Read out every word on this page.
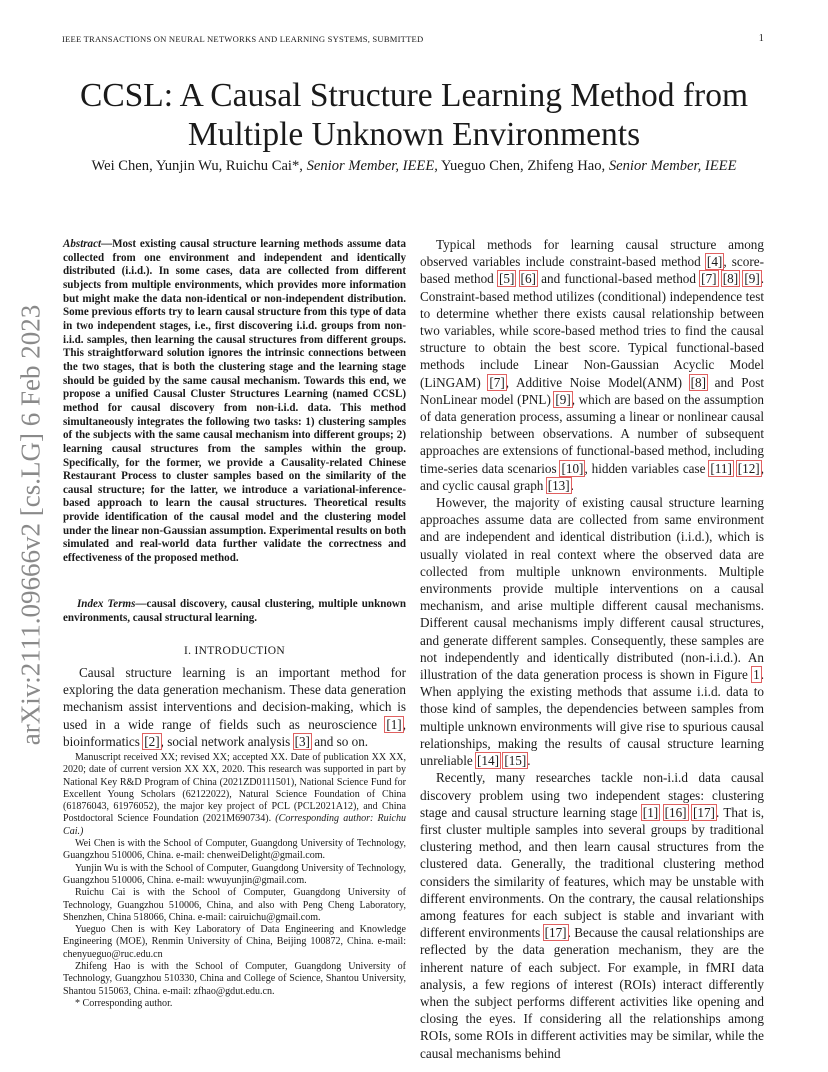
IEEE TRANSACTIONS ON NEURAL NETWORKS AND LEARNING SYSTEMS, SUBMITTED	1
arXiv:2111.09666v2 [cs.LG] 6 Feb 2023
CCSL: A Causal Structure Learning Method from Multiple Unknown Environments
Wei Chen, Yunjin Wu, Ruichu Cai*, Senior Member, IEEE, Yueguo Chen, Zhifeng Hao, Senior Member, IEEE
Abstract—Most existing causal structure learning methods assume data collected from one environment and independent and identically distributed (i.i.d.). In some cases, data are collected from different subjects from multiple environments, which provides more information but might make the data non-identical or non-independent distribution. Some previous efforts try to learn causal structure from this type of data in two independent stages, i.e., first discovering i.i.d. groups from non-i.i.d. samples, then learning the causal structures from different groups. This straightforward solution ignores the intrinsic connections between the two stages, that is both the clustering stage and the learning stage should be guided by the same causal mechanism. Towards this end, we propose a unified Causal Cluster Structures Learning (named CCSL) method for causal discovery from non-i.i.d. data. This method simultaneously integrates the following two tasks: 1) clustering samples of the subjects with the same causal mechanism into different groups; 2) learning causal structures from the samples within the group. Specifically, for the former, we provide a Causality-related Chinese Restaurant Process to cluster samples based on the similarity of the causal structure; for the latter, we introduce a variational-inference-based approach to learn the causal structures. Theoretical results provide identification of the causal model and the clustering model under the linear non-Gaussian assumption. Experimental results on both simulated and real-world data further validate the correctness and effectiveness of the proposed method.
Index Terms—causal discovery, causal clustering, multiple unknown environments, causal structural learning.
I. INTRODUCTION

Causal structure learning is an important method for exploring the data generation mechanism. These data generation mechanism assist interventions and decision-making, which is used in a wide range of fields such as neuroscience [1], bioinformatics [2], social network analysis [3] and so on.

Manuscript received XX; revised XX; accepted XX. Date of publication XX XX, 2020; date of current version XX XX, 2020. This research was supported in part by National Key R&D Program of China (2021ZD0111501), National Science Fund for Excellent Young Scholars (62122022), Natural Science Foundation of China (61876043, 61976052), the major key project of PCL (PCL2021A12), and China Postdoctoral Science Foundation (2021M690734). (Corresponding author: Ruichu Cai.)

Wei Chen is with the School of Computer, Guangdong University of Technology, Guangzhou 510006, China. e-mail: chenweiDelight@gmail.com.

Yunjin Wu is with the School of Computer, Guangdong University of Technology, Guangzhou 510006, China. e-mail: wwuyunjin@gmail.com.

Ruichu Cai is with the School of Computer, Guangdong University of Technology, Guangzhou 510006, China, and also with Peng Cheng Laboratory, Shenzhen, China 518066, China. e-mail: cairuichu@gmail.com.

Yueguo Chen is with Key Laboratory of Data Engineering and Knowledge Engineering (MOE), Renmin University of China, Beijing 100872, China. e-mail: chenyueguo@ruc.edu.cn

Zhifeng Hao is with the School of Computer, Guangdong University of Technology, Guangzhou 510330, China and College of Science, Shantou University, Shantou 515063, China. e-mail: zfhao@gdut.edu.cn.

* Corresponding author.

Typical methods for learning causal structure among observed variables include constraint-based method [4], score-based method [5] [6] and functional-based method [7] [8] [9]. Constraint-based method utilizes (conditional) independence test to determine whether there exists causal relationship between two variables, while score-based method tries to find the causal structure to obtain the best score. Typical functional-based methods include Linear Non-Gaussian Acyclic Model (LiNGAM) [7], Additive Noise Model(ANM) [8] and Post NonLinear model (PNL) [9], which are based on the assumption of data generation process, assuming a linear or nonlinear causal relationship between observations. A number of subsequent approaches are extensions of functional-based method, including time-series data scenarios [10], hidden variables case [11] [12], and cyclic causal graph [13].

However, the majority of existing causal structure learning approaches assume data are collected from same environment and are independent and identical distribution (i.i.d.), which is usually violated in real context where the observed data are collected from multiple unknown environments. Multiple environments provide multiple interventions on a causal mechanism, and arise multiple different causal mechanisms. Different causal mechanisms imply different causal structures, and generate different samples. Consequently, these samples are not independently and identically distributed (non-i.i.d.). An illustration of the data generation process is shown in Figure 1. When applying the existing methods that assume i.i.d. data to those kind of samples, the dependencies between samples from multiple unknown environments will give rise to spurious causal relationships, making the results of causal structure learning unreliable [14] [15].

Recently, many researches tackle non-i.i.d data causal discovery problem using two independent stages: clustering stage and causal structure learning stage [1] [16] [17]. That is, first cluster multiple samples into several groups by traditional clustering method, and then learn causal structures from the clustered data. Generally, the traditional clustering method considers the similarity of features, which may be unstable with different environments. On the contrary, the causal relationships among features for each subject is stable and invariant with different environments [17]. Because the causal relationships are reflected by the data generation mechanism, they are the inherent nature of each subject. For example, in fMRI data analysis, a few regions of interest (ROIs) interact differently when the subject performs different activities like opening and closing the eyes. If considering all the relationships among ROIs, some ROIs in different activities may be similar, while the causal mechanisms behind
